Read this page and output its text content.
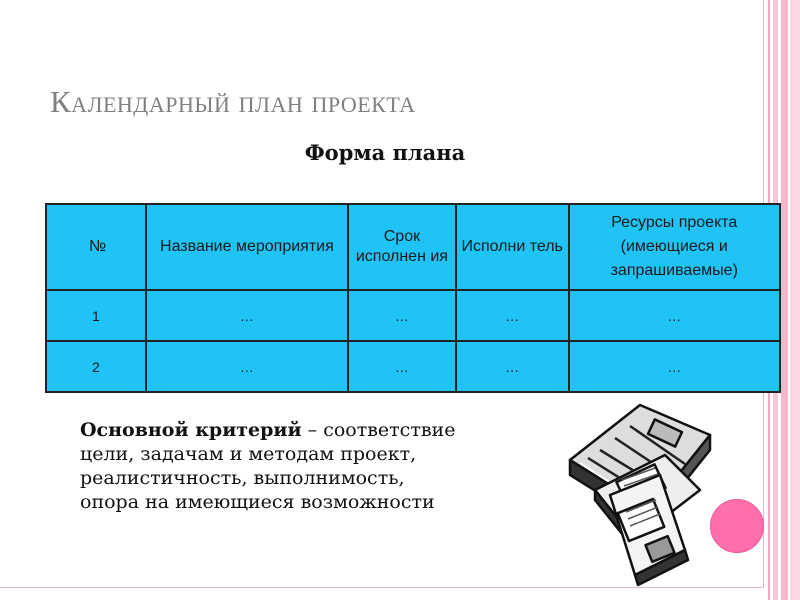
Календарный план проекта
Форма плана
№	Название мероприятия	Срок исполнен ия	Исполни тель	Ресурсы проекта (имеющиеся и запрашиваемые)
1	…	…	…	…
2	…	…	…	…
Основной критерий – соответствие
цели, задачам и методам проект,
реалистичность, выполнимость,
опора на имеющиеся возможности
